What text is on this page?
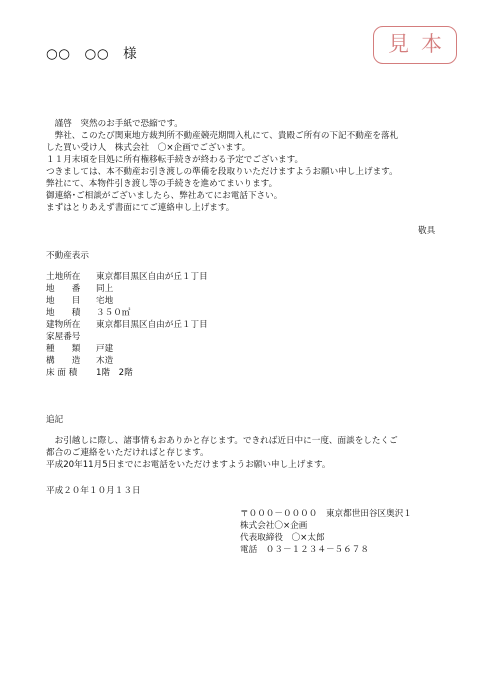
○○　○○　様	見本
　謹啓　突然のお手紙で恐縮です。
　弊社、このたび関東地方裁判所不動産競売期間入札にて、貴殿ご所有の下記不動産を落札
した買い受け人　株式会社　〇×企画でございます。
１１月末頃を目処に所有権移転手続きが終わる予定でございます。
つきましては、本不動産お引き渡しの準備を段取りいただけますようお願い申し上げます。
弊社にて、本物件引き渡し等の手続きを進めてまいります。
御連絡･ご相談がございましたら、弊社あてにお電話下さい。
まずはとりあえず書面にてご連絡申し上げます。
敬具
不動産表示
土地所在	東京都目黒区自由が丘１丁目
地　　番	同上
地　　目	宅地
地　　積	３５０㎡
建物所在	東京都目黒区自由が丘１丁目
家屋番号
種　　類	戸建
構　　造	木造
床 面 積	1階　2階
追記
　お引越しに際し、諸事情もおありかと存じます。できれば近日中に一度、面談をしたくご
都合のご連絡をいただければと存じます。
平成20年11月5日までにお電話をいただけますようお願い申し上げます。
平成２０年１０月１３日
〒０００－００００　東京都世田谷区奥沢１
株式会社〇×企画
代表取締役　〇×太郎
電話　０３－１２３４－５６７８
